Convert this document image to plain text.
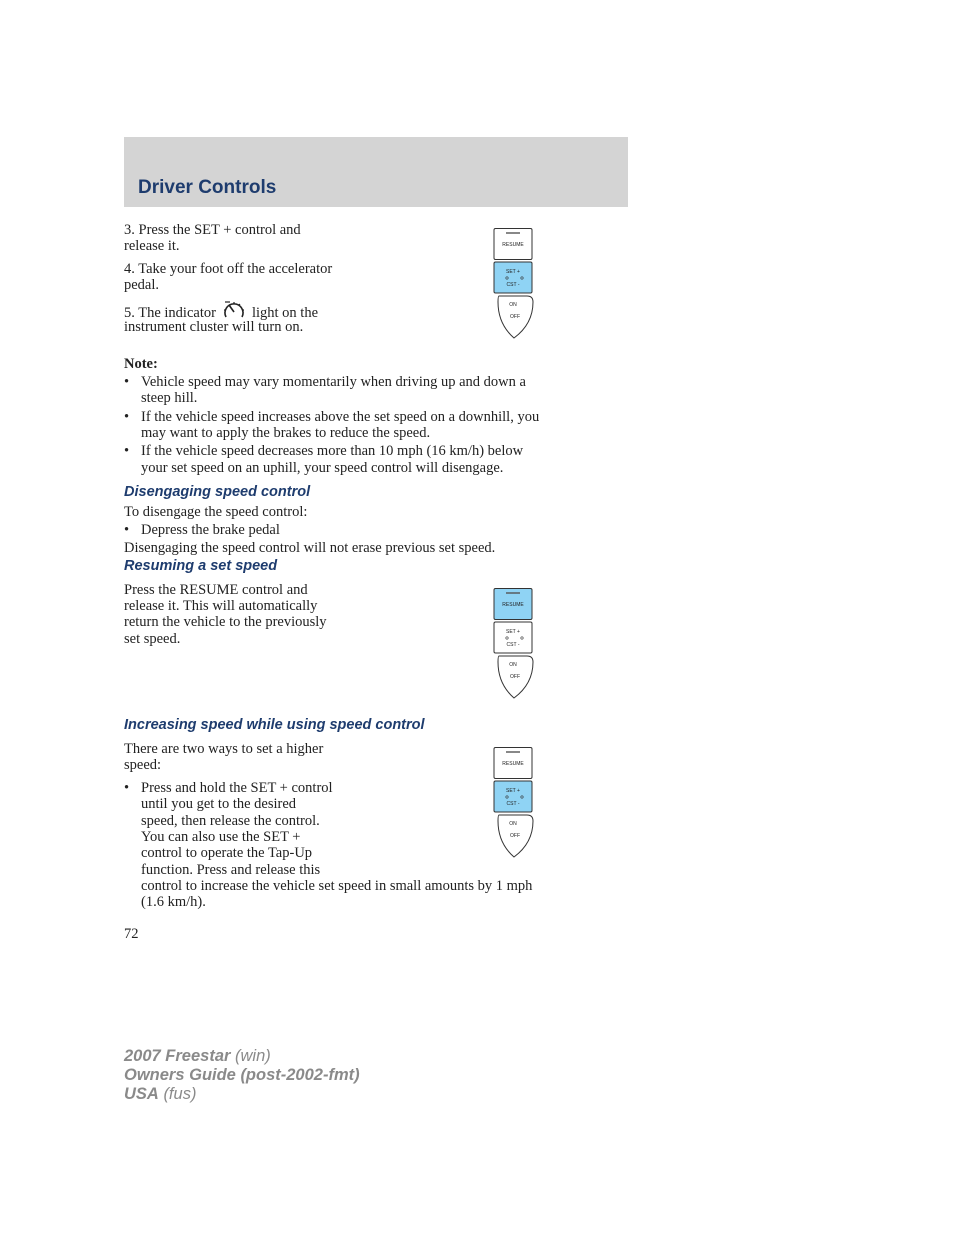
Driver Controls

3. Press the SET + control and

release it.

4. Take your foot off the accelerator

pedal.

5. The indicator light on the

instrument cluster will turn on.

RESUME
SET +
CST -
ON
OFF

Note:

• Vehicle speed may vary momentarily when driving up and down a

steep hill.

• If the vehicle speed increases above the set speed on a downhill, you

may want to apply the brakes to reduce the speed.

• If the vehicle speed decreases more than 10 mph (16 km/h) below

your set speed on an uphill, your speed control will disengage.

Disengaging speed control

To disengage the speed control:

• Depress the brake pedal

Disengaging the speed control will not erase previous set speed.

Resuming a set speed

Press the RESUME control and

release it. This will automatically

return the vehicle to the previously

set speed.

RESUME
SET +
CST -
ON
OFF
Increasing speed while using speed control

There are two ways to set a higher

speed:

• Press and hold the SET + control

until you get to the desired

speed, then release the control.

You can also use the SET +

control to operate the Tap-Up

function. Press and release this

control to increase the vehicle set speed in small amounts by 1 mph

(1.6 km/h).

RESUME
SET +
CST -
ON
OFF
72
2007 Freestar (win)
Owners Guide (post-2002-fmt)
USA (fus)
